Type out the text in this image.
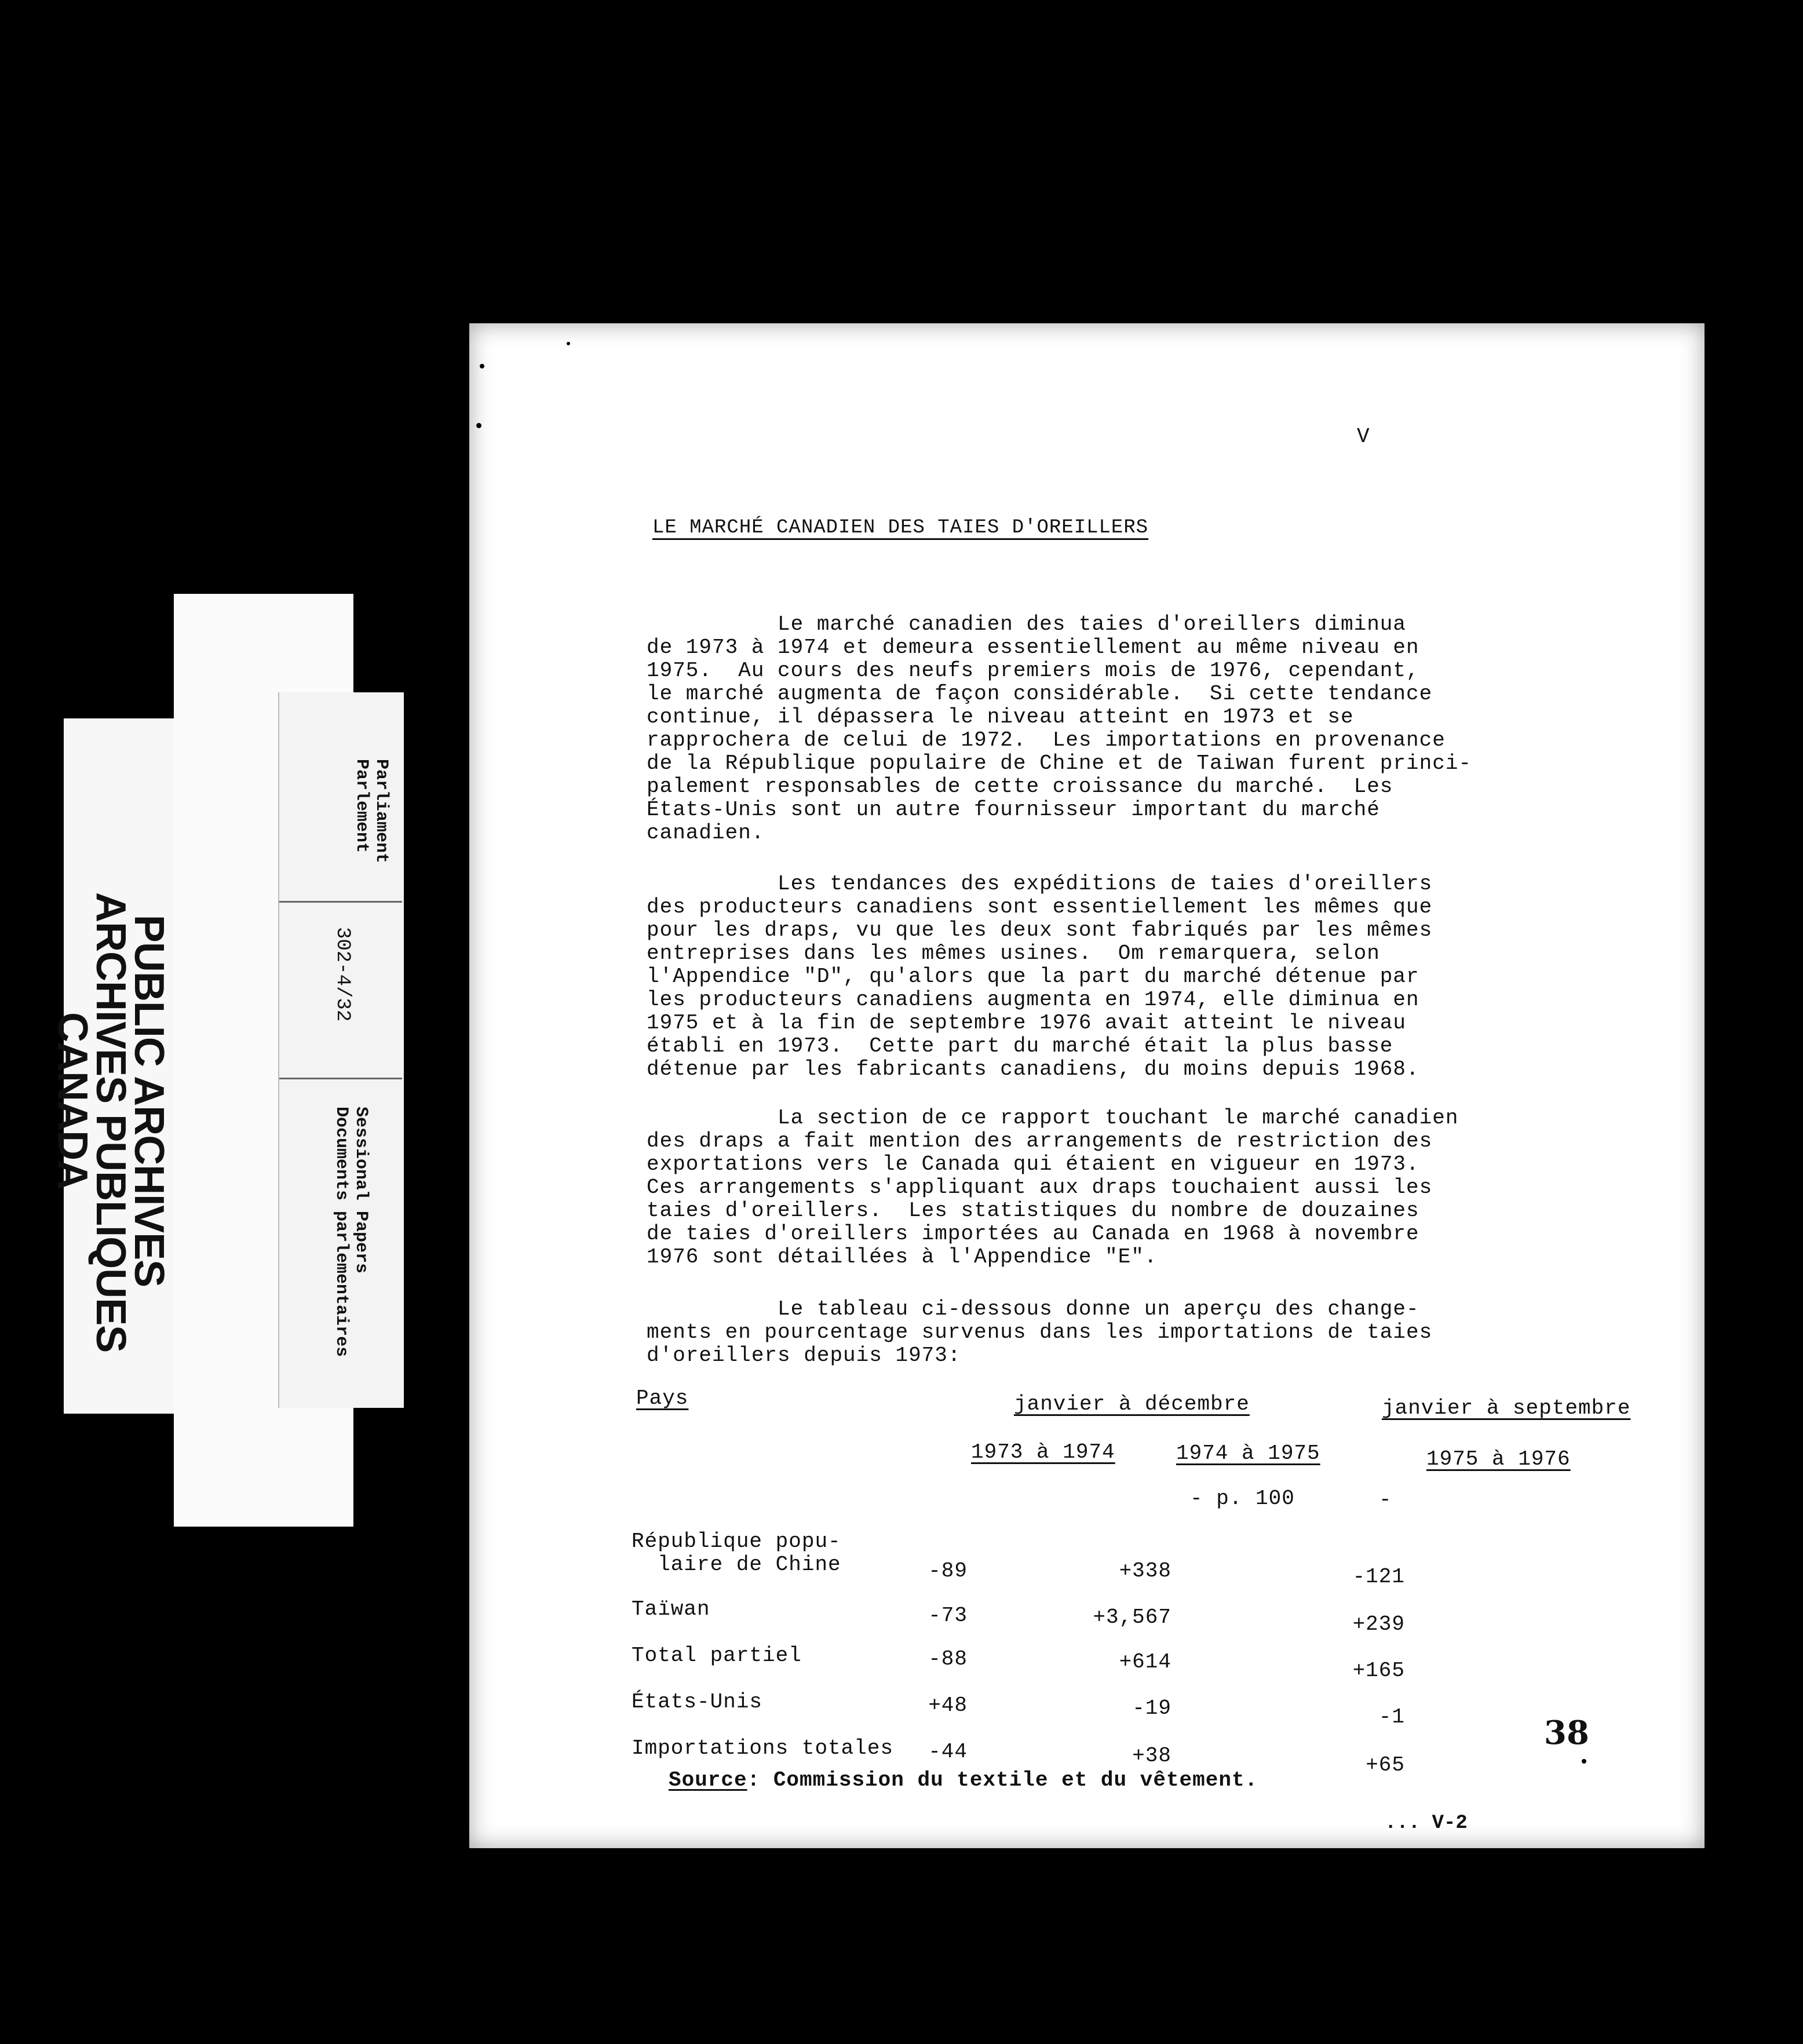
PUBLIC ARCHIVES
ARCHIVES PUBLIQUES
CANADA
Parliament
Parlement
302-4/32
Sessional Papers
Documents parlementaires
V
LE MARCHÉ CANADIEN DES TAIES D'OREILLERS
Le marché canadien des taies d'oreillers diminua
de 1973 à 1974 et demeura essentiellement au même niveau en
1975.  Au cours des neufs premiers mois de 1976, cependant,
le marché augmenta de façon considérable.  Si cette tendance
continue, il dépassera le niveau atteint en 1973 et se
rapprochera de celui de 1972.  Les importations en provenance
de la République populaire de Chine et de Taiwan furent princi-
palement responsables de cette croissance du marché.  Les
États-Unis sont un autre fournisseur important du marché
canadien.
Les tendances des expéditions de taies d'oreillers
des producteurs canadiens sont essentiellement les mêmes que
pour les draps, vu que les deux sont fabriqués par les mêmes
entreprises dans les mêmes usines.  Om remarquera, selon
l'Appendice "D", qu'alors que la part du marché détenue par
les producteurs canadiens augmenta en 1974, elle diminua en
1975 et à la fin de septembre 1976 avait atteint le niveau
établi en 1973.  Cette part du marché était la plus basse
détenue par les fabricants canadiens, du moins depuis 1968.
La section de ce rapport touchant le marché canadien
des draps a fait mention des arrangements de restriction des
exportations vers le Canada qui étaient en vigueur en 1973.
Ces arrangements s'appliquant aux draps touchaient aussi les
taies d'oreillers.  Les statistiques du nombre de douzaines
de taies d'oreillers importées au Canada en 1968 à novembre
1976 sont détaillées à l'Appendice "E".
Le tableau ci-dessous donne un aperçu des change-
ments en pourcentage survenus dans les importations de taies
d'oreillers depuis 1973:
Pays	janvier à décembre	janvier à septembre
1973 à 1974	1974 à 1975	1975 à 1976
- p. 100	-
République popu-
laire de Chine	-89	+338	-121
Taïwan	-73	+3,567	+239
Total partiel	-88	+614	+165
États-Unis	+48	-19	-1
Importations totales	-44	+38	+65
38
Source: Commission du textile et du vêtement.
... V-2
